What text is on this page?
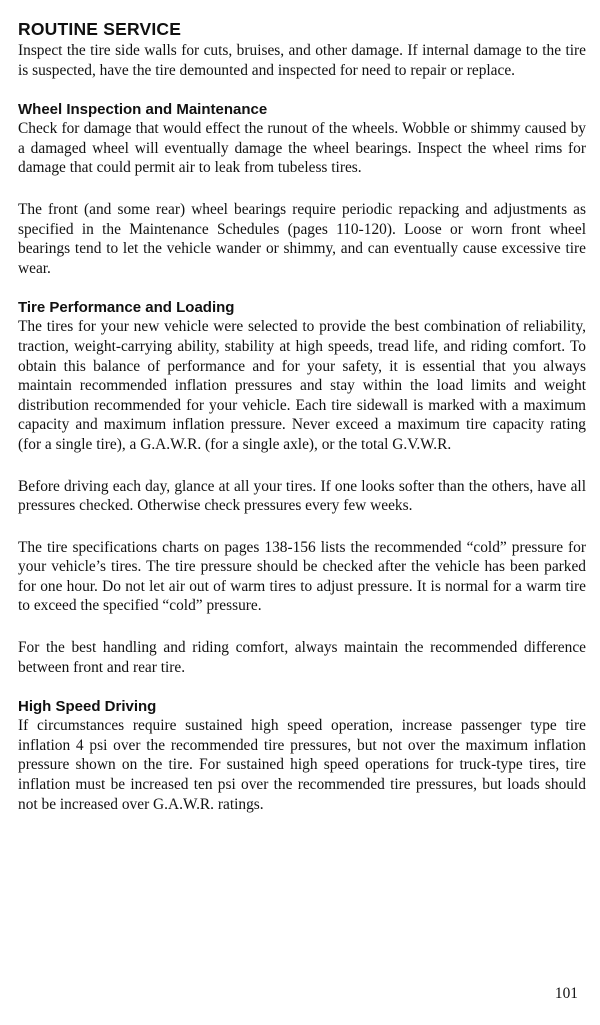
ROUTINE SERVICE

Inspect the tire side walls for cuts, bruises, and other damage. If internal damage to the tire is suspected, have the tire demounted and inspected for need to repair or replace.

Wheel Inspection and Maintenance

Check for damage that would effect the runout of the wheels. Wobble or shimmy caused by a damaged wheel will eventually damage the wheel bearings. Inspect the wheel rims for damage that could permit air to leak from tubeless tires.

The front (and some rear) wheel bearings require periodic repacking and adjustments as specified in the Maintenance Schedules (pages 110-120). Loose or worn front wheel bearings tend to let the vehicle wander or shimmy, and can eventually cause excessive tire wear.

Tire Performance and Loading

The tires for your new vehicle were selected to provide the best combination of reliability, traction, weight-carrying ability, stability at high speeds, tread life, and riding comfort. To obtain this balance of performance and for your safety, it is essential that you always maintain recommended inflation pressures and stay within the load limits and weight distribution recommended for your vehicle. Each tire sidewall is marked with a maximum capacity and maximum inflation pressure. Never exceed a maximum tire capacity rating (for a single tire), a G.A.W.R. (for a single axle), or the total G.V.W.R.

Before driving each day, glance at all your tires. If one looks softer than the others, have all pressures checked. Otherwise check pressures every few weeks.

The tire specifications charts on pages 138-156 lists the recommended “cold” pressure for your vehicle’s tires. The tire pressure should be checked after the vehicle has been parked for one hour. Do not let air out of warm tires to adjust pressure. It is normal for a warm tire to exceed the specified “cold” pressure.

For the best handling and riding comfort, always maintain the recommended difference between front and rear tire.

High Speed Driving

If circumstances require sustained high speed operation, increase passenger type tire inflation 4 psi over the recommended tire pressures, but not over the maximum inflation pressure shown on the tire. For sustained high speed operations for truck-type tires, tire inflation must be increased ten psi over the recommended tire pressures, but loads should not be increased over G.A.W.R. ratings.

101
